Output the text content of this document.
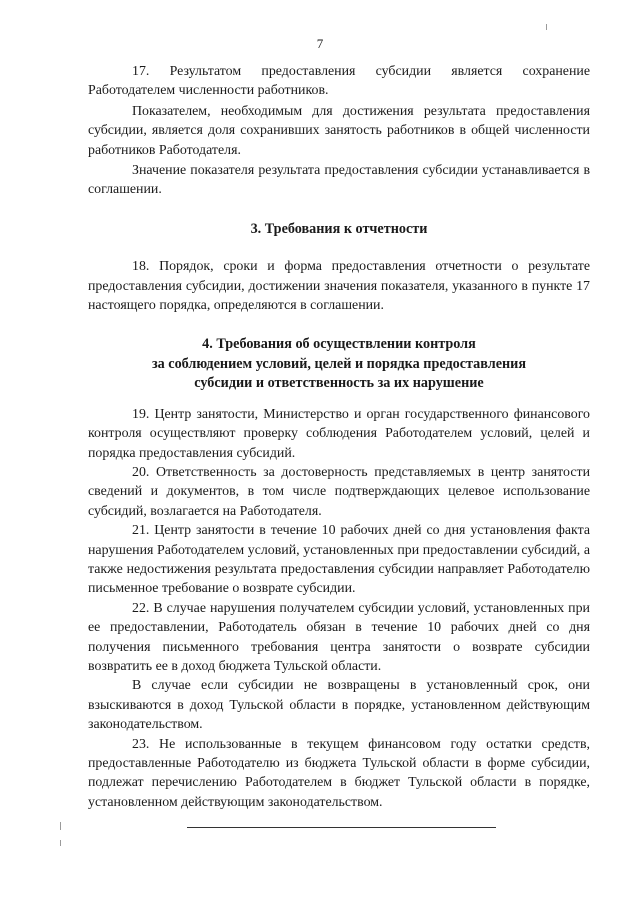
7

17. Результатом предоставления субсидии является сохранение Работодателем численности работников.

Показателем, необходимым для достижения результата предоставления субсидии, является доля сохранивших занятость работников в общей численности работников Работодателя.

Значение показателя результата предоставления субсидии устанавливается в соглашении.

3. Требования к отчетности

18. Порядок, сроки и форма предоставления отчетности о результате предоставления субсидии, достижении значения показателя, указанного в пункте 17 настоящего порядка, определяются в соглашении.

4. Требования об осуществлении контроля
за соблюдением условий, целей и порядка предоставления
субсидии и ответственность за их нарушение

19. Центр занятости, Министерство и орган государственного финансового контроля осуществляют проверку соблюдения Работодателем условий, целей и порядка предоставления субсидий.

20. Ответственность за достоверность представляемых в центр занятости сведений и документов, в том числе подтверждающих целевое использование субсидий, возлагается на Работодателя.

21. Центр занятости в течение 10 рабочих дней со дня установления факта нарушения Работодателем условий, установленных при предоставлении субсидий, а также недостижения результата предоставления субсидии направляет Работодателю письменное требование о возврате субсидии.

22. В случае нарушения получателем субсидии условий, установленных при ее предоставлении, Работодатель обязан в течение 10 рабочих дней со дня получения письменного требования центра занятости о возврате субсидии возвратить ее в доход бюджета Тульской области.

В случае если субсидии не возвращены в установленный срок, они взыскиваются в доход Тульской области в порядке, установленном действующим законодательством.

23. Не использованные в текущем финансовом году остатки средств, предоставленные Работодателю из бюджета Тульской области в форме субсидии, подлежат перечислению Работодателем в бюджет Тульской области в порядке, установленном действующим законодательством.
